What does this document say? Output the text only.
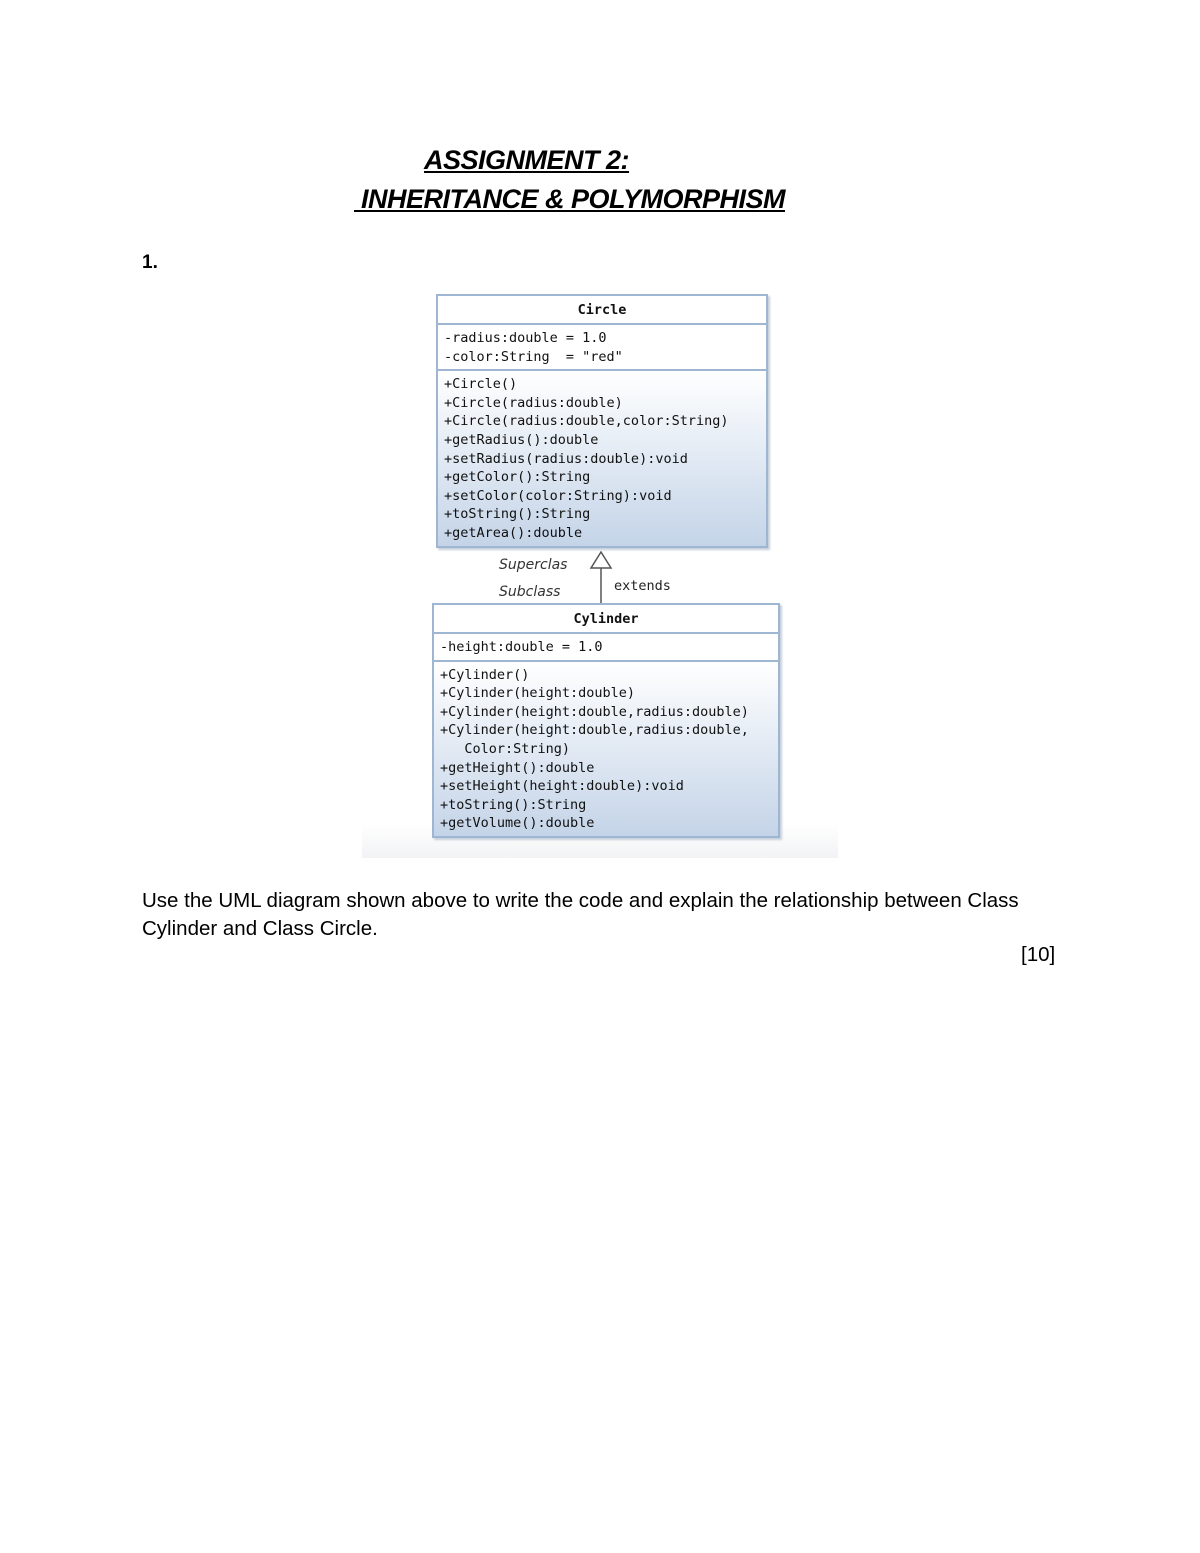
ASSIGNMENT 2:
INHERITANCE & POLYMORPHISM
1.
Circle
-radius:double = 1.0
-color:String  = "red"
+Circle()
+Circle(radius:double)
+Circle(radius:double,color:String)
+getRadius():double
+setRadius(radius:double):void
+getColor():String
+setColor(color:String):void
+toString():String
+getArea():double
Superclas
Subclass	extends
Cylinder
-height:double = 1.0
+Cylinder()
+Cylinder(height:double)
+Cylinder(height:double,radius:double)
+Cylinder(height:double,radius:double,
Color:String)
+getHeight():double
+setHeight(height:double):void
+toString():String
+getVolume():double
Use the UML diagram shown above to write the code and explain the relationship between Class Cylinder and Class Circle.
[10]
